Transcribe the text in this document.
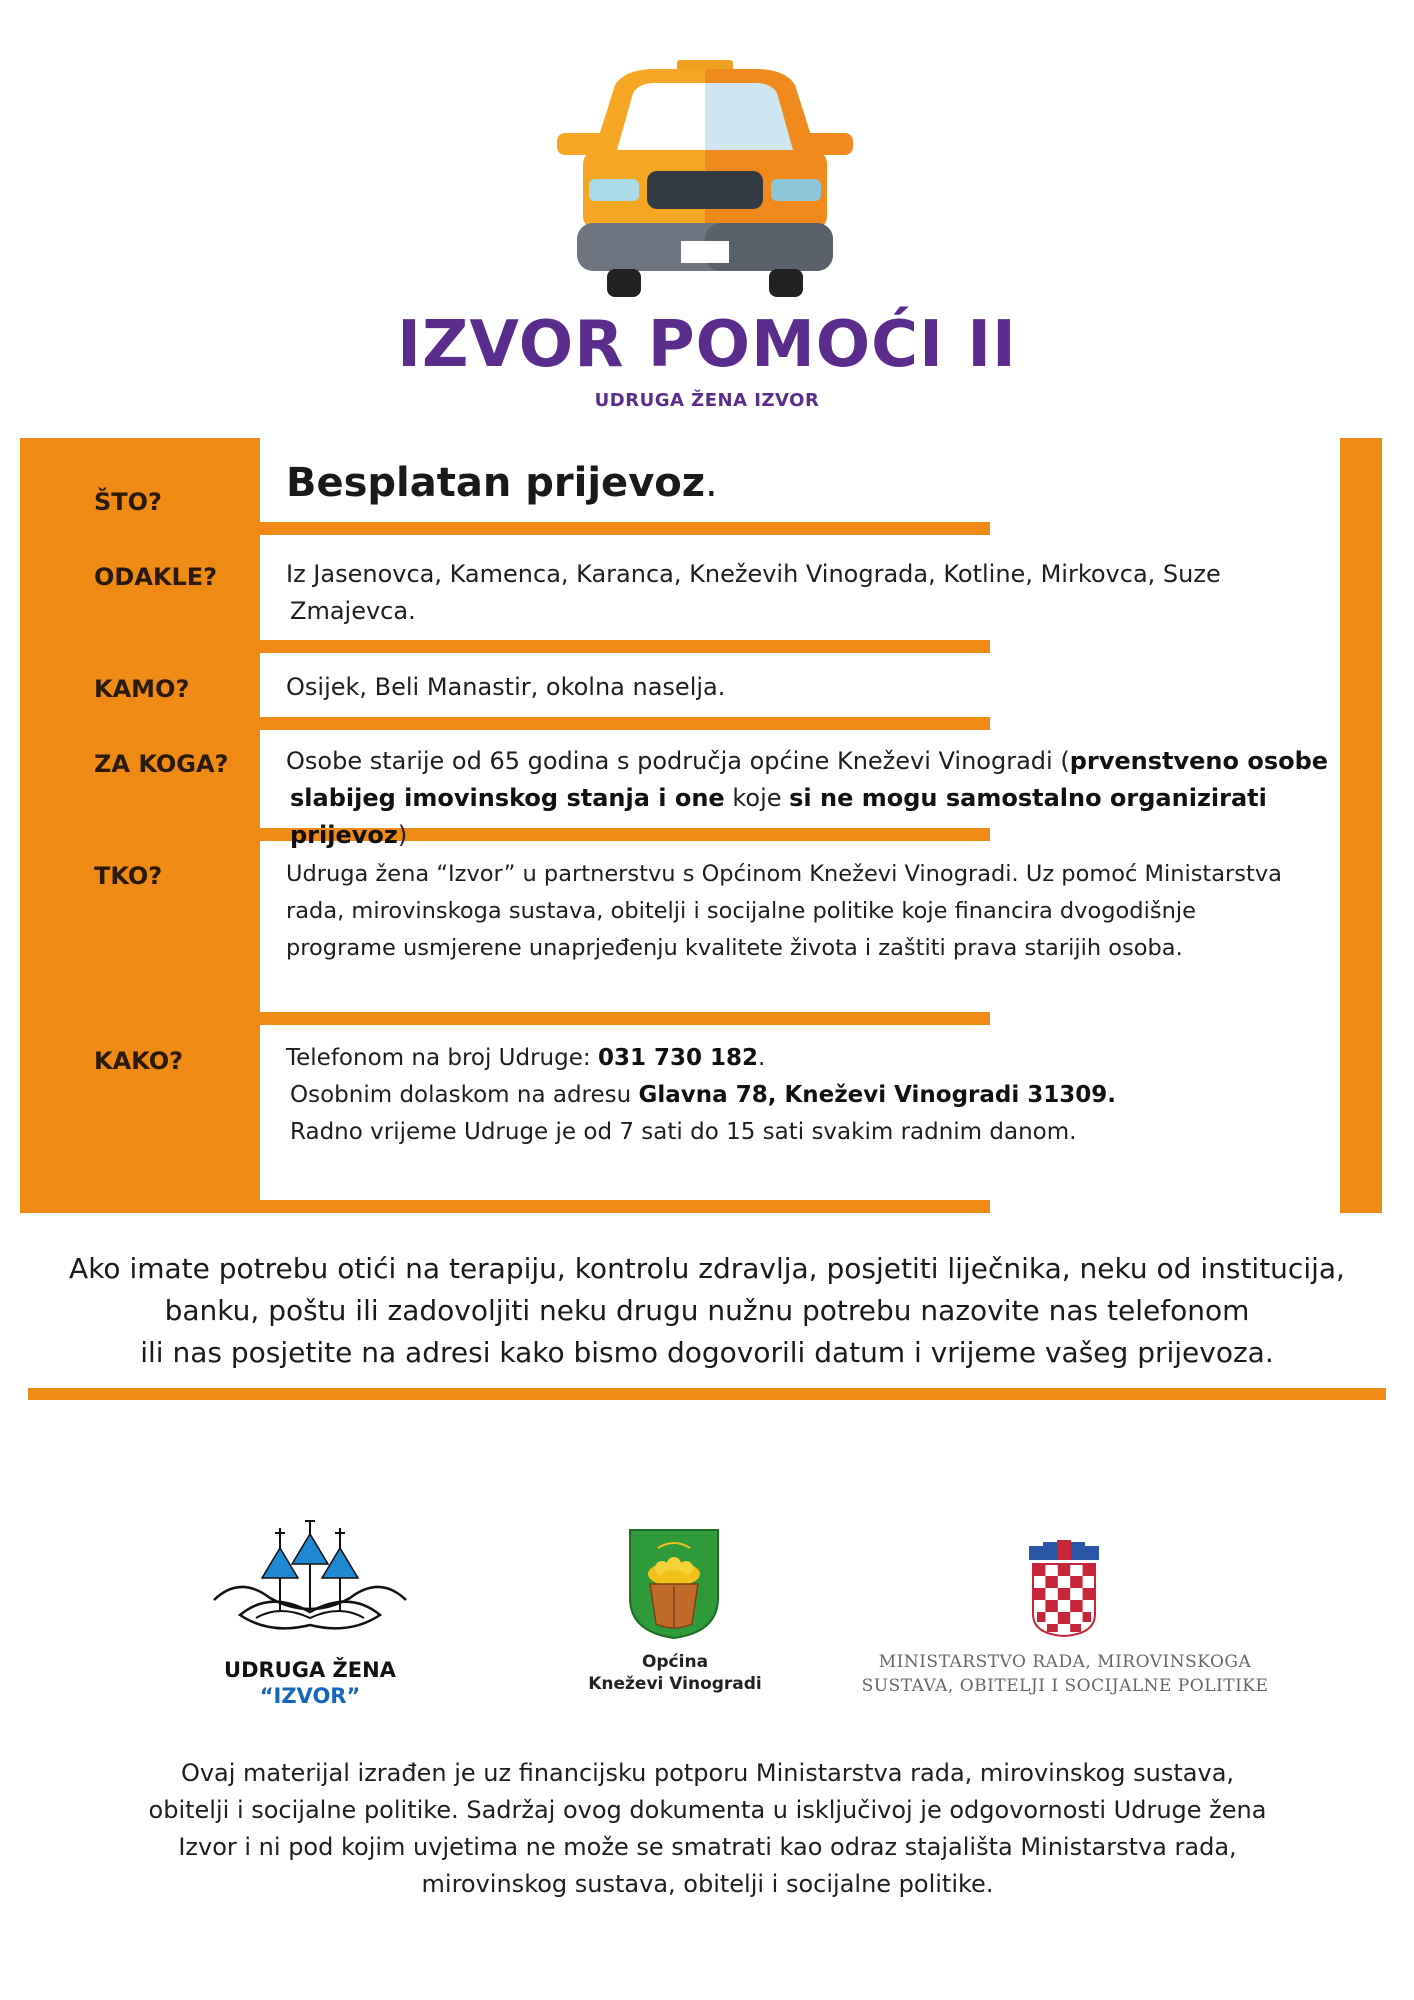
IZVOR POMOĆI II
UDRUGA ŽENA IZVOR
ŠTO?	Besplatan prijevoz.
ODAKLE?	Iz Jasenovca, Kamenca, Karanca, Kneževih Vinograda, Kotline, Mirkovca, Suze
Zmajevca.
KAMO?	Osijek, Beli Manastir, okolna naselja.
ZA KOGA? Osobe starije od 65 godina s područja općine Kneževi Vinogradi (prvenstveno osobe
slabijeg imovinskog stanja i one koje si ne mogu samostalno organizirati prijevoz)
TKO?	Udruga žena “Izvor” u partnerstvu s Općinom Kneževi Vinogradi. Uz pomoć Ministarstva
rada, mirovinskoga sustava, obitelji i socijalne politike koje financira dvogodišnje
programe usmjerene unaprjeđenju kvalitete života i zaštiti prava starijih osoba.
KAKO?	Telefonom na broj Udruge: 031 730 182.
Osobnim dolaskom na adresu Glavna 78, Kneževi Vinogradi 31309.
Radno vrijeme Udruge je od 7 sati do 15 sati svakim radnim danom.
Ako imate potrebu otići na terapiju, kontrolu zdravlja, posjetiti liječnika, neku od institucija,
banku, poštu ili zadovoljiti neku drugu nužnu potrebu nazovite nas telefonom
ili nas posjetite na adresi kako bismo dogovorili datum i vrijeme vašeg prijevoza.
UDRUGA ŽENA
“IZVOR”
Općina
Kneževi Vinogradi
MINISTARSTVO RADA, MIROVINSKOGA
SUSTAVA, OBITELJI I SOCIJALNE POLITIKE
Ovaj materijal izrađen je uz financijsku potporu Ministarstva rada, mirovinskog sustava,
obitelji i socijalne politike. Sadržaj ovog dokumenta u isključivoj je odgovornosti Udruge žena
Izvor i ni pod kojim uvjetima ne može se smatrati kao odraz stajališta Ministarstva rada,
mirovinskog sustava, obitelji i socijalne politike.
